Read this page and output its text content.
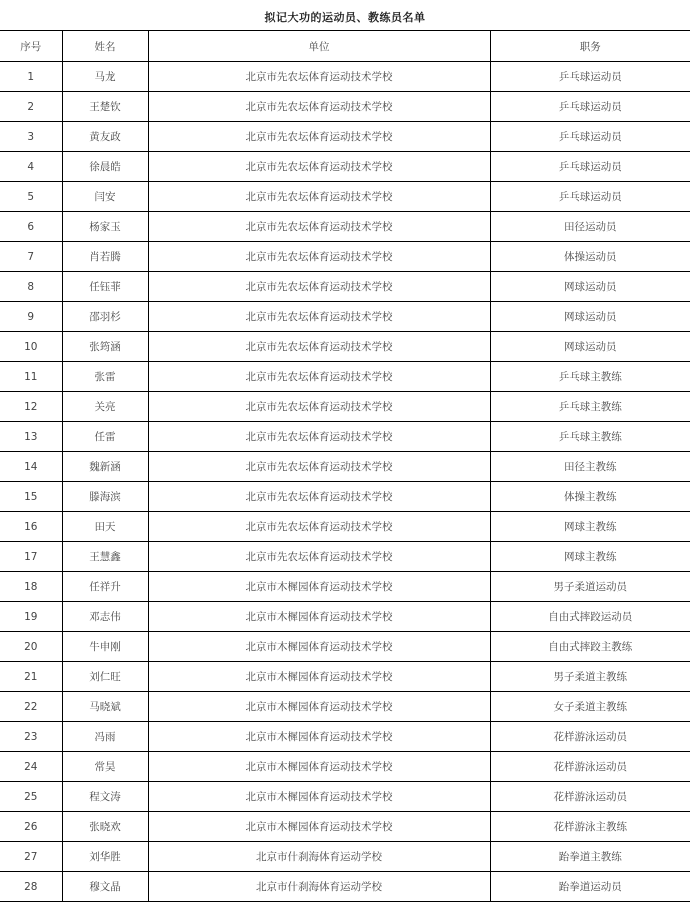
拟记大功的运动员、教练员名单
序号	姓名	单位	职务
1	马龙	北京市先农坛体育运动技术学校	乒乓球运动员
2	王楚钦	北京市先农坛体育运动技术学校	乒乓球运动员
3	黄友政	北京市先农坛体育运动技术学校	乒乓球运动员
4	徐晨皓	北京市先农坛体育运动技术学校	乒乓球运动员
5	闫安	北京市先农坛体育运动技术学校	乒乓球运动员
6	杨家玉	北京市先农坛体育运动技术学校	田径运动员
7	肖若腾	北京市先农坛体育运动技术学校	体操运动员
8	任钰菲	北京市先农坛体育运动技术学校	网球运动员
9	邵羽杉	北京市先农坛体育运动技术学校	网球运动员
10	张筠涵	北京市先农坛体育运动技术学校	网球运动员
11	张雷	北京市先农坛体育运动技术学校	乒乓球主教练
12	关亮	北京市先农坛体育运动技术学校	乒乓球主教练
13	任雷	北京市先农坛体育运动技术学校	乒乓球主教练
14	魏新涵	北京市先农坛体育运动技术学校	田径主教练
15	滕海滨	北京市先农坛体育运动技术学校	体操主教练
16	田天	北京市先农坛体育运动技术学校	网球主教练
17	王慧鑫	北京市先农坛体育运动技术学校	网球主教练
18	任祥升	北京市木樨园体育运动技术学校	男子柔道运动员
19	邓志伟	北京市木樨园体育运动技术学校	自由式摔跤运动员
20	牛申刚	北京市木樨园体育运动技术学校	自由式摔跤主教练
21	刘仁旺	北京市木樨园体育运动技术学校	男子柔道主教练
22	马晓斌	北京市木樨园体育运动技术学校	女子柔道主教练
23	冯雨	北京市木樨园体育运动技术学校	花样游泳运动员
24	常昊	北京市木樨园体育运动技术学校	花样游泳运动员
25	程文涛	北京市木樨园体育运动技术学校	花样游泳运动员
26	张晓欢	北京市木樨园体育运动技术学校	花样游泳主教练
27	刘华胜	北京市什刹海体育运动学校	跆拳道主教练
28	穆文晶	北京市什刹海体育运动学校	跆拳道运动员
